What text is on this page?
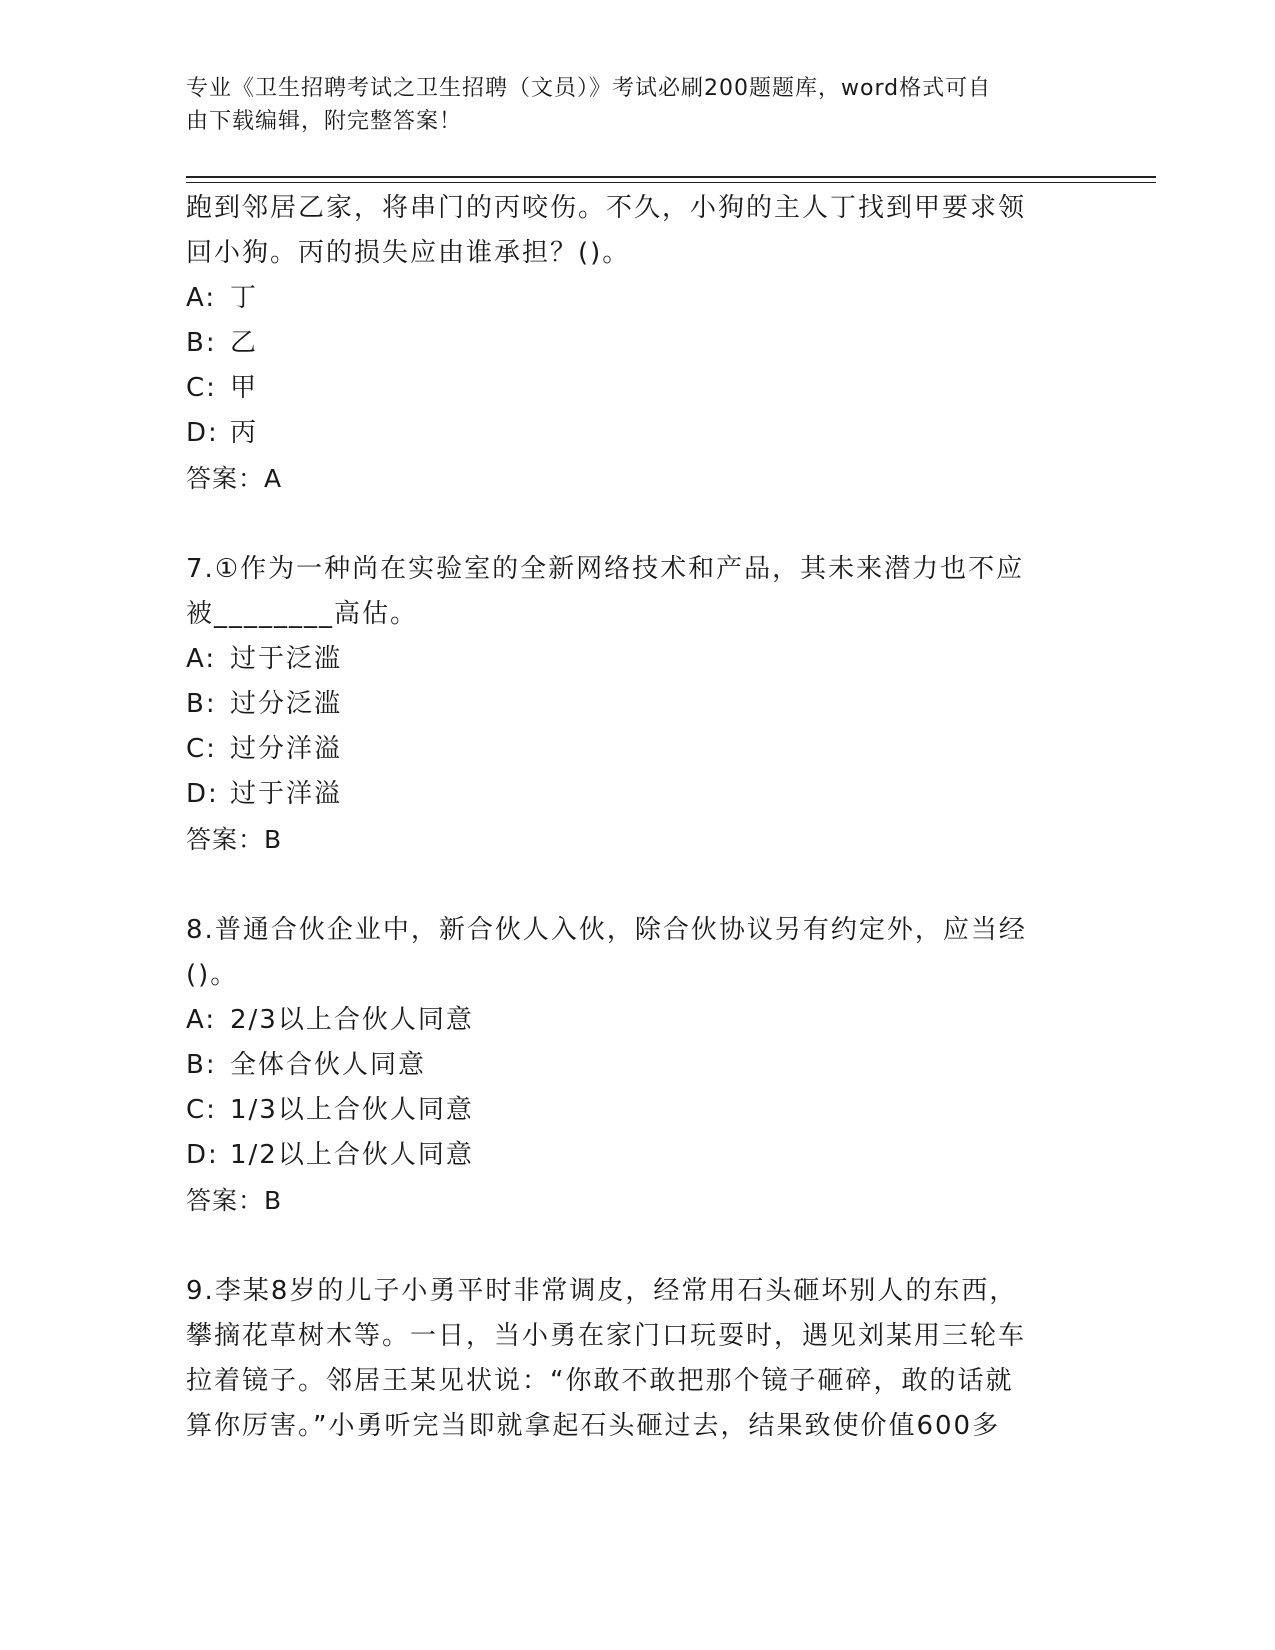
专业《卫生招聘考试之卫生招聘（文员）》考试必刷200题题库，word格式可自
由下载编辑，附完整答案！
跑到邻居乙家，将串门的丙咬伤。不久，小狗的主人丁找到甲要求领
回小狗。丙的损失应由谁承担？()。
A: 丁
B: 乙
C: 甲
D: 丙
答案：A
7.①作为一种尚在实验室的全新网络技术和产品，其未来潜力也不应
被________高估。
A: 过于泛滥
B: 过分泛滥
C: 过分洋溢
D: 过于洋溢
答案：B
8.普通合伙企业中，新合伙人入伙，除合伙协议另有约定外，应当经
()。
A: 2/3以上合伙人同意
B: 全体合伙人同意
C: 1/3以上合伙人同意
D: 1/2以上合伙人同意
答案：B
9.李某8岁的儿子小勇平时非常调皮，经常用石头砸坏别人的东西，
攀摘花草树木等。一日，当小勇在家门口玩耍时，遇见刘某用三轮车
拉着镜子。邻居王某见状说：“你敢不敢把那个镜子砸碎，敢的话就
算你厉害。”小勇听完当即就拿起石头砸过去，结果致使价值600多
